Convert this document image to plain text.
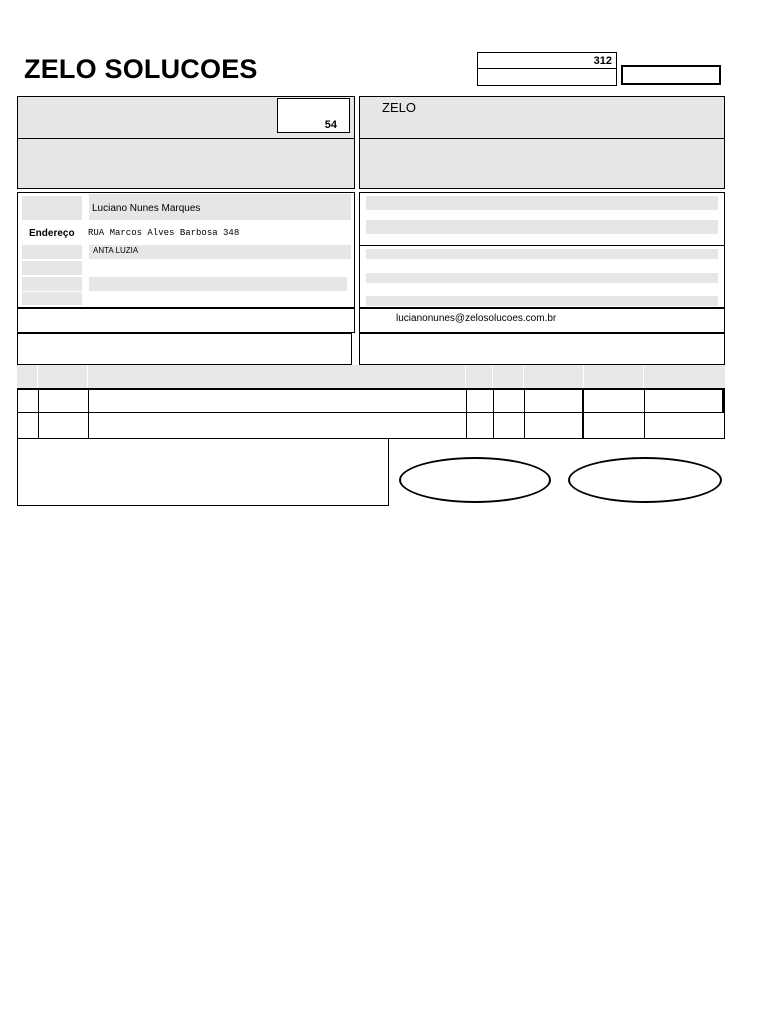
ZELO SOLUCOES	312
54
ZELO
Luciano Nunes Marques
Endereço RUA Marcos Alves Barbosa 348
ANTA LUZIA
lucianonunes@zelosolucoes.com.br
